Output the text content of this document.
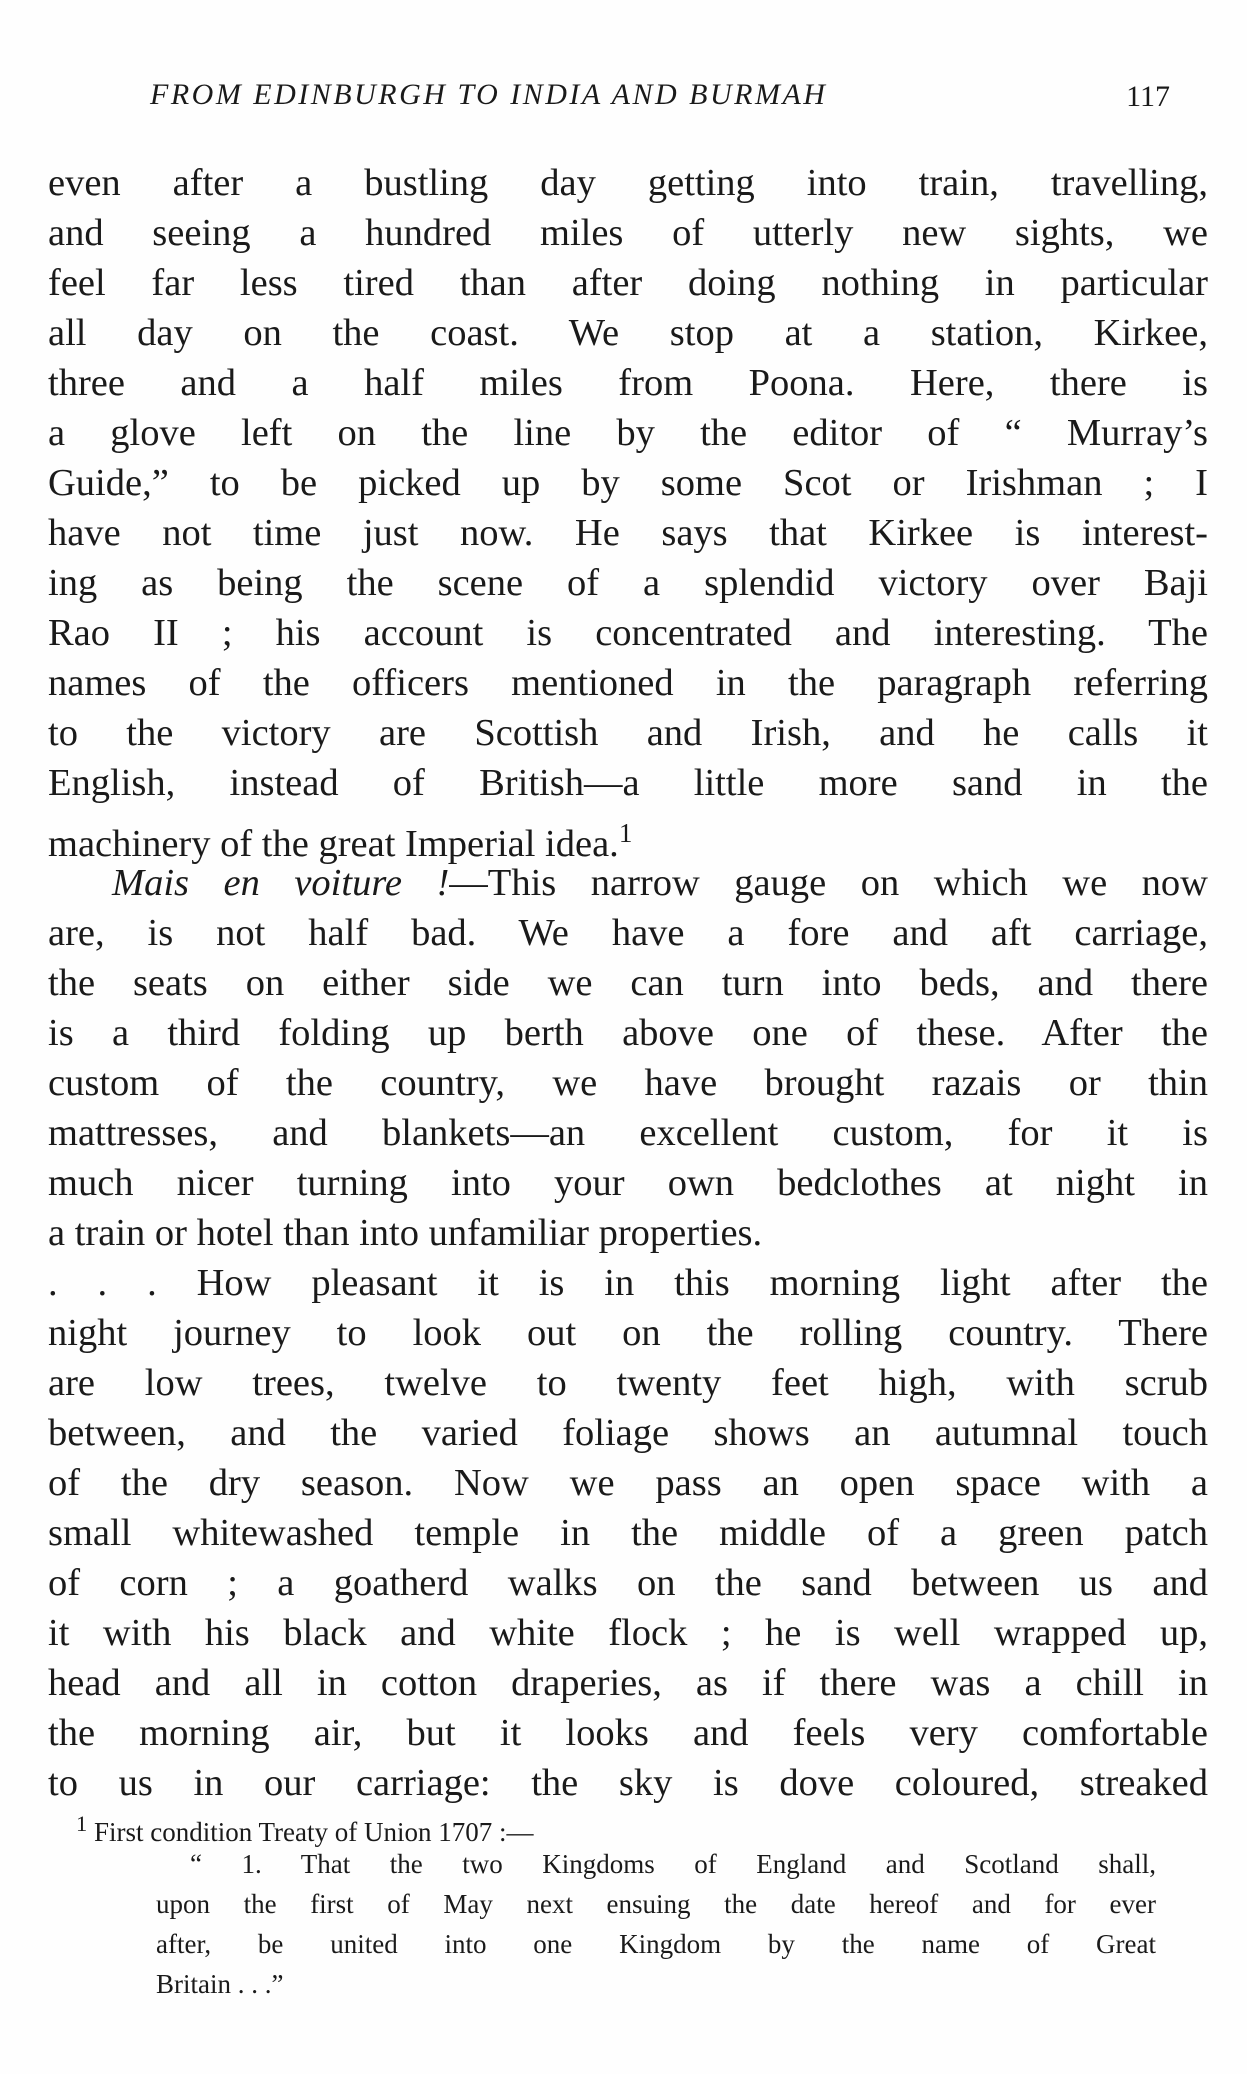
FROM EDINBURGH TO INDIA AND BURMAH	117
even after a bustling day getting into train, travelling,
and seeing a hundred miles of utterly new sights, we
feel far less tired than after doing nothing in particular
all day on the coast. We stop at a station, Kirkee,
three and a half miles from Poona. Here, there is
a glove left on the line by the editor of “ Murray’s
Guide,” to be picked up by some Scot or Irishman ; I
have not time just now. He says that Kirkee is interest-
ing as being the scene of a splendid victory over Baji
Rao II ; his account is concentrated and interesting. The
names of the officers mentioned in the paragraph referring
to the victory are Scottish and Irish, and he calls it
English, instead of British—a little more sand in the
machinery of the great Imperial idea.$^1$
Mais en voiture !—This narrow gauge on which we now
are, is not half bad. We have a fore and aft carriage,
the seats on either side we can turn into beds, and there
is a third folding up berth above one of these. After the
custom of the country, we have brought razais or thin
mattresses, and blankets—an excellent custom, for it is
much nicer turning into your own bedclothes at night in
a train or hotel than into unfamiliar properties.
. . . How pleasant it is in this morning light after the
night journey to look out on the rolling country. There
are low trees, twelve to twenty feet high, with scrub
between, and the varied foliage shows an autumnal touch
of the dry season. Now we pass an open space with a
small whitewashed temple in the middle of a green patch
of corn ; a goatherd walks on the sand between us and
it with his black and white flock ; he is well wrapped up,
head and all in cotton draperies, as if there was a chill in
the morning air, but it looks and feels very comfortable
to us in our carriage: the sky is dove coloured, streaked
$^1$ First condition Treaty of Union 1707 :—
“ 1. That the two Kingdoms of England and Scotland shall,
upon the first of May next ensuing the date hereof and for ever
after, be united into one Kingdom by the name of Great
Britain . . .”
